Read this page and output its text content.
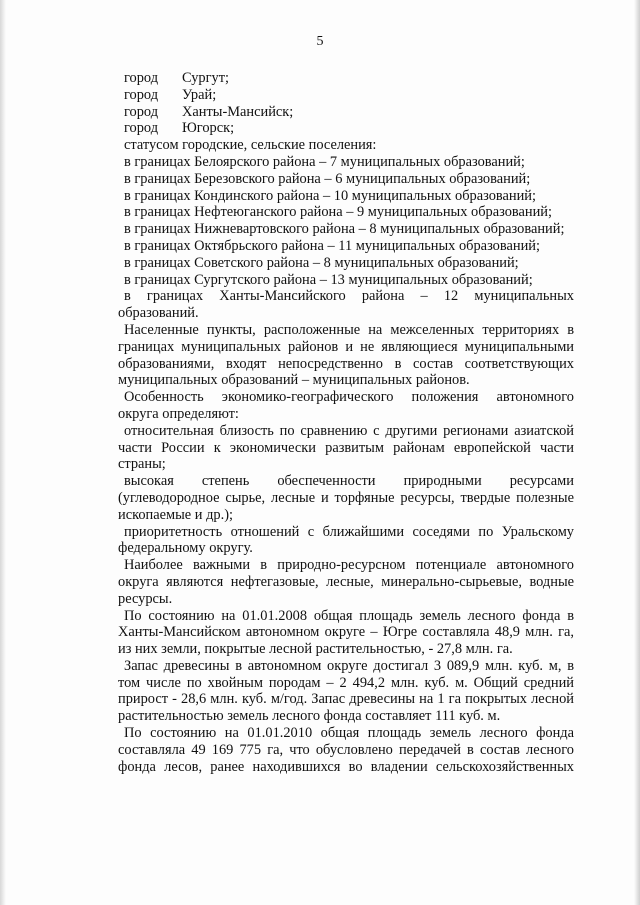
5
город Сургут;
город Урай;
город Ханты-Мансийск;
город Югорск;
статусом городские, сельские поселения:

в границах Белоярского района – 7 муниципальных образований;

в границах Березовского района – 6 муниципальных образований;

в границах Кондинского района – 10 муниципальных образований;

в границах Нефтеюганского района – 9 муниципальных образований;

в границах Нижневартовского района – 8 муниципальных образований;

в границах Октябрьского района – 11 муниципальных образований;

в границах Советского района – 8 муниципальных образований;

в границах Сургутского района – 13 муниципальных образований;

в границах Ханты-Мансийского района – 12 муниципальных образований.

Населенные пункты, расположенные на межселенных территориях в границах муниципальных районов и не являющиеся муниципальными образованиями, входят непосредственно в состав соответствующих муниципальных образований – муниципальных районов.

Особенность экономико-географического положения автономного округа определяют:

относительная близость по сравнению с другими регионами азиатской части России к экономически развитым районам европейской части страны;

высокая степень обеспеченности природными ресурсами (углеводородное сырье, лесные и торфяные ресурсы, твердые полезные ископаемые и др.);

приоритетность отношений с ближайшими соседями по Уральскому федеральному округу.

Наиболее важными в природно-ресурсном потенциале автономного округа являются нефтегазовые, лесные, минерально-сырьевые, водные ресурсы.

По состоянию на 01.01.2008 общая площадь земель лесного фонда в Ханты-Мансийском автономном округе – Югре составляла 48,9 млн. га, из них земли, покрытые лесной растительностью, - 27,8 млн. га.

Запас древесины в автономном округе достигал 3 089,9 млн. куб. м, в том числе по хвойным породам – 2 494,2 млн. куб. м. Общий средний прирост - 28,6 млн. куб. м/год. Запас древесины на 1 га покрытых лесной растительностью земель лесного фонда составляет 111 куб. м.

По состоянию на 01.01.2010 общая площадь земель лесного фонда составляла 49 169 775 га, что обусловлено передачей в состав лесного фонда лесов, ранее находившихся во владении сельскохозяйственных
